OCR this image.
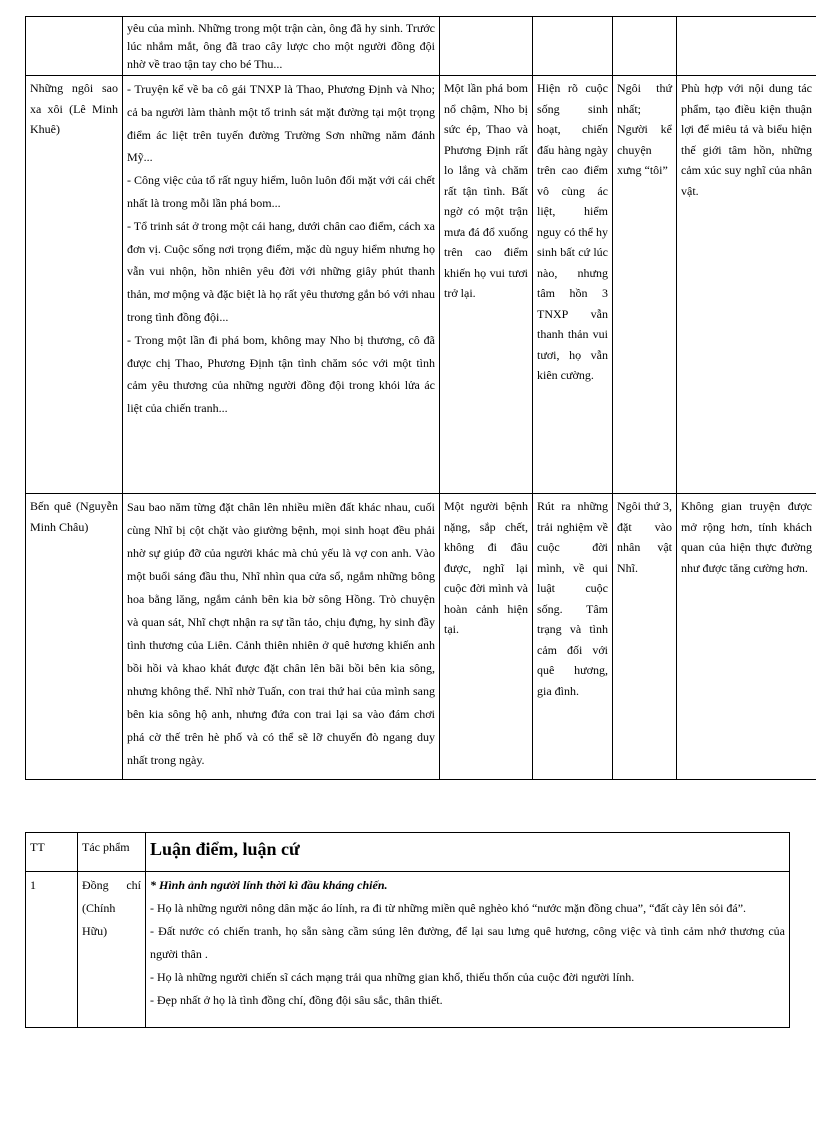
	yêu của mình. Những trong một trận càn, ông đã hy sinh. Trước lúc nhắm mắt, ông đã trao cây lược cho một người đồng đội nhờ về trao tận tay cho bé Thu...				

Những ngôi sao xa xôi (Lê Minh Khuê)	- Truyện kể về ba cô gái TNXP là Thao, Phương Định và Nho; cả ba người làm thành một tổ trinh sát mặt đường tại một trọng điểm ác liệt trên tuyến đường Trường Sơn những năm đánh Mỹ...

- Công việc của tổ rất nguy hiểm, luôn luôn đối mặt với cái chết nhất là trong mỗi lần phá bom...

- Tổ trinh sát ở trong một cái hang, dưới chân cao điểm, cách xa đơn vị. Cuộc sống nơi trọng điểm, mặc dù nguy hiểm nhưng họ vẫn vui nhộn, hồn nhiên yêu đời với những giây phút thanh thản, mơ mộng và đặc biệt là họ rất yêu thương gắn bó với nhau trong tình đồng đội...

- Trong một lần đi phá bom, không may Nho bị thương, cô đã được chị Thao, Phương Định tận tình chăm sóc với một tình cảm yêu thương của những người đồng đội trong khói lửa ác liệt của chiến tranh...	Một lần phá bom nổ chậm, Nho bị sức ép, Thao và Phương Định rất lo lắng và chăm rất tận tình. Bất ngờ có một trận mưa đá đổ xuống trên cao điểm khiến họ vui tươi trở lại.	Hiện rõ cuộc sống sinh hoạt, chiến đấu hàng ngày trên cao điểm vô cùng ác liệt, hiểm nguy có thể hy sinh bất cứ lúc nào, nhưng tâm hồn 3 TNXP vẫn thanh thản vui tươi, họ vẫn kiên cường.	Ngôi thứ nhất; Người kể chuyện xưng “tôi”	Phù hợp với nội dung tác phẩm, tạo điều kiện thuận lợi để miêu tả và biểu hiện thế giới tâm hồn, những cảm xúc suy nghĩ của nhân vật.
Bến quê (Nguyễn Minh Châu)	Sau bao năm từng đặt chân lên nhiều miền đất khác nhau, cuối cùng Nhĩ bị cột chặt vào giường bệnh, mọi sinh hoạt đều phải nhờ sự giúp đỡ của người khác mà chủ yếu là vợ con anh. Vào một buổi sáng đầu thu, Nhĩ nhìn qua cửa sổ, ngắm những bông hoa bằng lăng, ngắm cảnh bên kia bờ sông Hồng. Trò chuyện và quan sát, Nhĩ chợt nhận ra sự tần tảo, chịu đựng, hy sinh đầy tình thương của Liên. Cảnh thiên nhiên ở quê hương khiến anh bồi hồi và khao khát được đặt chân lên bãi bồi bên kia sông, nhưng không thể. Nhĩ nhờ Tuấn, con trai thứ hai của mình sang bên kia sông hộ anh, nhưng đứa con trai lại sa vào đám chơi phá cờ thế trên hè phố và có thể sẽ lỡ chuyến đò ngang duy nhất trong ngày.	Một người bệnh nặng, sắp chết, không đi đâu được, nghĩ lại cuộc đời mình và hoàn cảnh hiện tại.	Rút ra những trải nghiệm về cuộc đời mình, về qui luật cuộc sống. Tâm trạng và tình cảm đối với quê hương, gia đình.	Ngôi thứ 3, đặt vào nhân vật Nhĩ.	Không gian truyện được mở rộng hơn, tính khách quan của hiện thực đường như được tăng cường hơn.
TT	Tác phẩm	Luận điểm, luận cứ
1	Đồng chí (Chính Hữu)	* Hình ảnh người lính thời kì đầu kháng chiến.

- Họ là những người nông dân mặc áo lính, ra đi từ những miền quê nghèo khó “nước mặn đồng chua”, “đất cày lên sỏi đá”.

- Đất nước có chiến tranh, họ sẵn sàng cầm súng lên đường, để lại sau lưng quê hương, công việc và tình cảm nhớ thương của người thân .

- Họ là những người chiến sĩ cách mạng trải qua những gian khổ, thiếu thốn của cuộc đời người lính.

- Đẹp nhất ở họ là tình đồng chí, đồng đội sâu sắc, thân thiết.
